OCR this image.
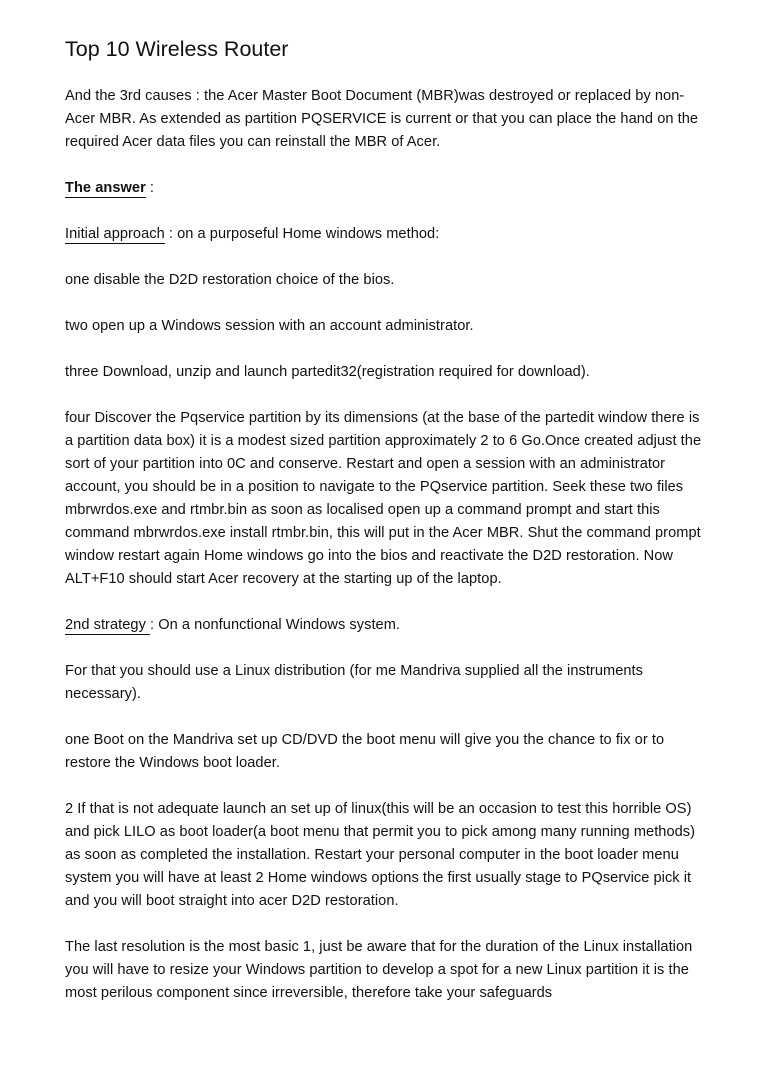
Top 10 Wireless Router

And the 3rd causes : the Acer Master Boot Document (MBR)was destroyed or replaced by non-Acer MBR. As extended as partition PQSERVICE is current or that you can place the hand on the required Acer data files you can reinstall the MBR of Acer.

The answer :

Initial approach : on a purposeful Home windows method:

one disable the D2D restoration choice of the bios.

two open up a Windows session with an account administrator.

three Download, unzip and launch partedit32(registration required for download).

four Discover the Pqservice partition by its dimensions (at the base of the partedit window there is a partition data box) it is a modest sized partition approximately 2 to 6 Go.Once created adjust the sort of your partition into 0C and conserve. Restart and open a session with an administrator account, you should be in a position to navigate to the PQservice partition. Seek these two files mbrwrdos.exe and rtmbr.bin as soon as localised open up a command prompt and start this command mbrwrdos.exe install rtmbr.bin, this will put in the Acer MBR. Shut the command prompt window restart again Home windows go into the bios and reactivate the D2D restoration. Now ALT+F10 should start Acer recovery at the starting up of the laptop.

2nd strategy : On a nonfunctional Windows system.

For that you should use a Linux distribution (for me Mandriva supplied all the instruments necessary).

one Boot on the Mandriva set up CD/DVD the boot menu will give you the chance to fix or to restore the Windows boot loader.

2 If that is not adequate launch an set up of linux(this will be an occasion to test this horrible OS) and pick LILO as boot loader(a boot menu that permit you to pick among many running methods) as soon as completed the installation. Restart your personal computer in the boot loader menu system you will have at least 2 Home windows options the first usually stage to PQservice pick it and you will boot straight into acer D2D restoration.

The last resolution is the most basic 1, just be aware that for the duration of the Linux installation you will have to resize your Windows partition to develop a spot for a new Linux partition it is the most perilous component since irreversible, therefore take your safeguards
